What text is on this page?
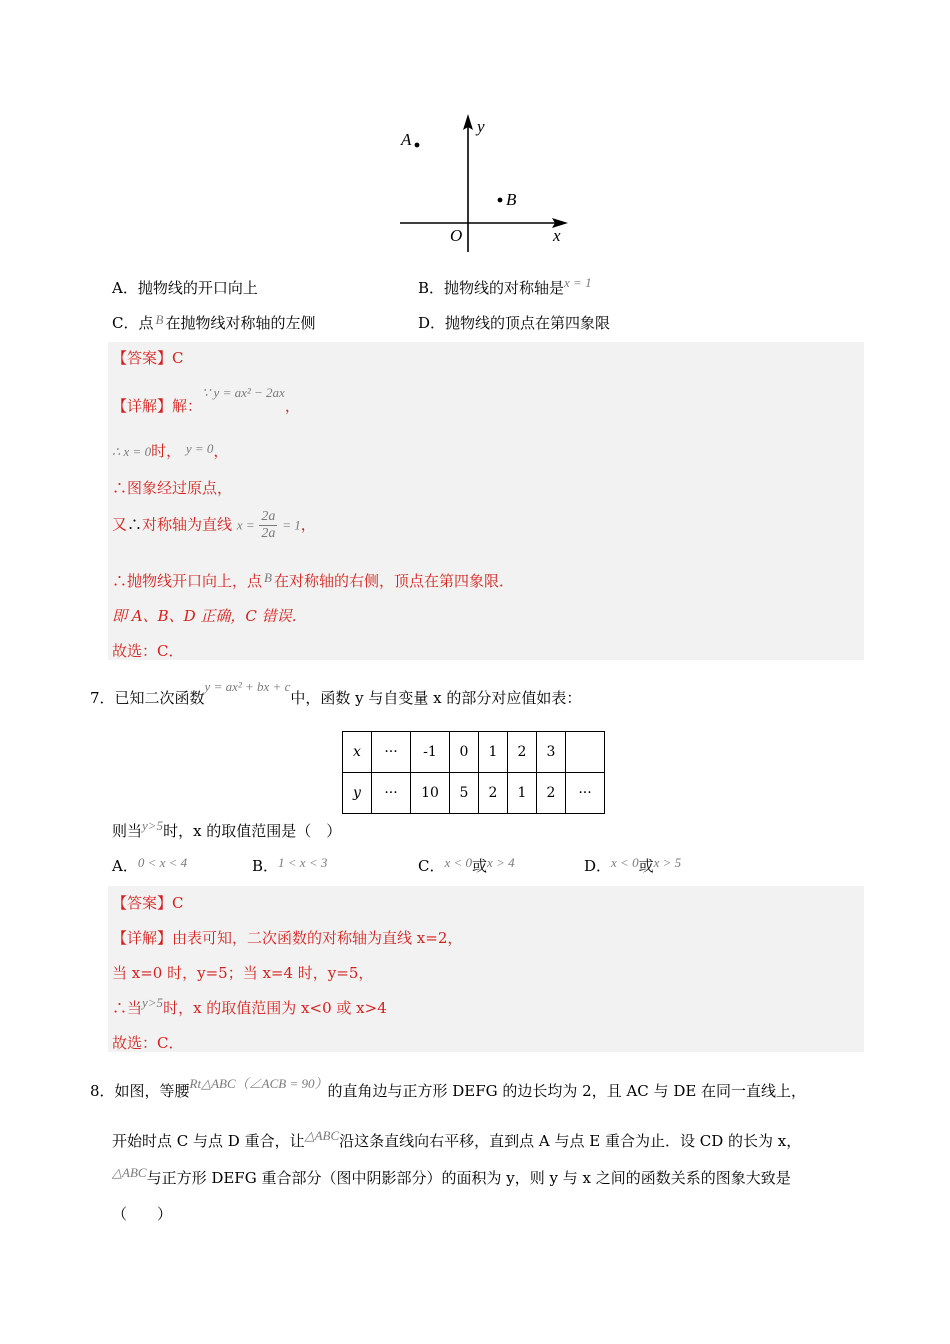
A
B
O	x
y
A．抛物线的开口向上	B．抛物线的对称轴是x = 1
C．点 B 在抛物线对称轴的左侧	D．抛物线的顶点在第四象限
【答案】C
【详解】解：∵ y = ax² − 2ax，
∴ x = 0时， y = 0，
∴图象经过原点，
又∴对称轴为直线 $x = \frac{2a}{2a} = 1$，
∴抛物线开口向上，点 B 在对称轴的右侧，顶点在第四象限．
即 A、B、D 正确，C 错误．
故选：C．
7．已知二次函数y = ax² + bx + c中，函数 y 与自变量 x 的部分对应值如表：
x	···	-1	0	1	2	3	
y	···	10	5	2	1	2	···
则当y>5时，x 的取值范围是（　）
A．0 < x < 4	B．1 < x < 3	C．x < 0或x > 4	D．x < 0或x > 5
【答案】C
【详解】由表可知，二次函数的对称轴为直线 x=2，
当 x=0 时，y=5；当 x=4 时，y=5，
∴当y>5时，x 的取值范围为 x<0 或 x>4
故选：C．
8．如图，等腰Rt△ABC（∠ACB = 90）的直角边与正方形 DEFG 的边长均为 2，且 AC 与 DE 在同一直线上，
开始时点 C 与点 D 重合，让△ABC沿这条直线向右平移，直到点 A 与点 E 重合为止．设 CD 的长为 x，
△ABC与正方形 DEFG 重合部分（图中阴影部分）的面积为 y，则 y 与 x 之间的函数关系的图象大致是
（　　）
